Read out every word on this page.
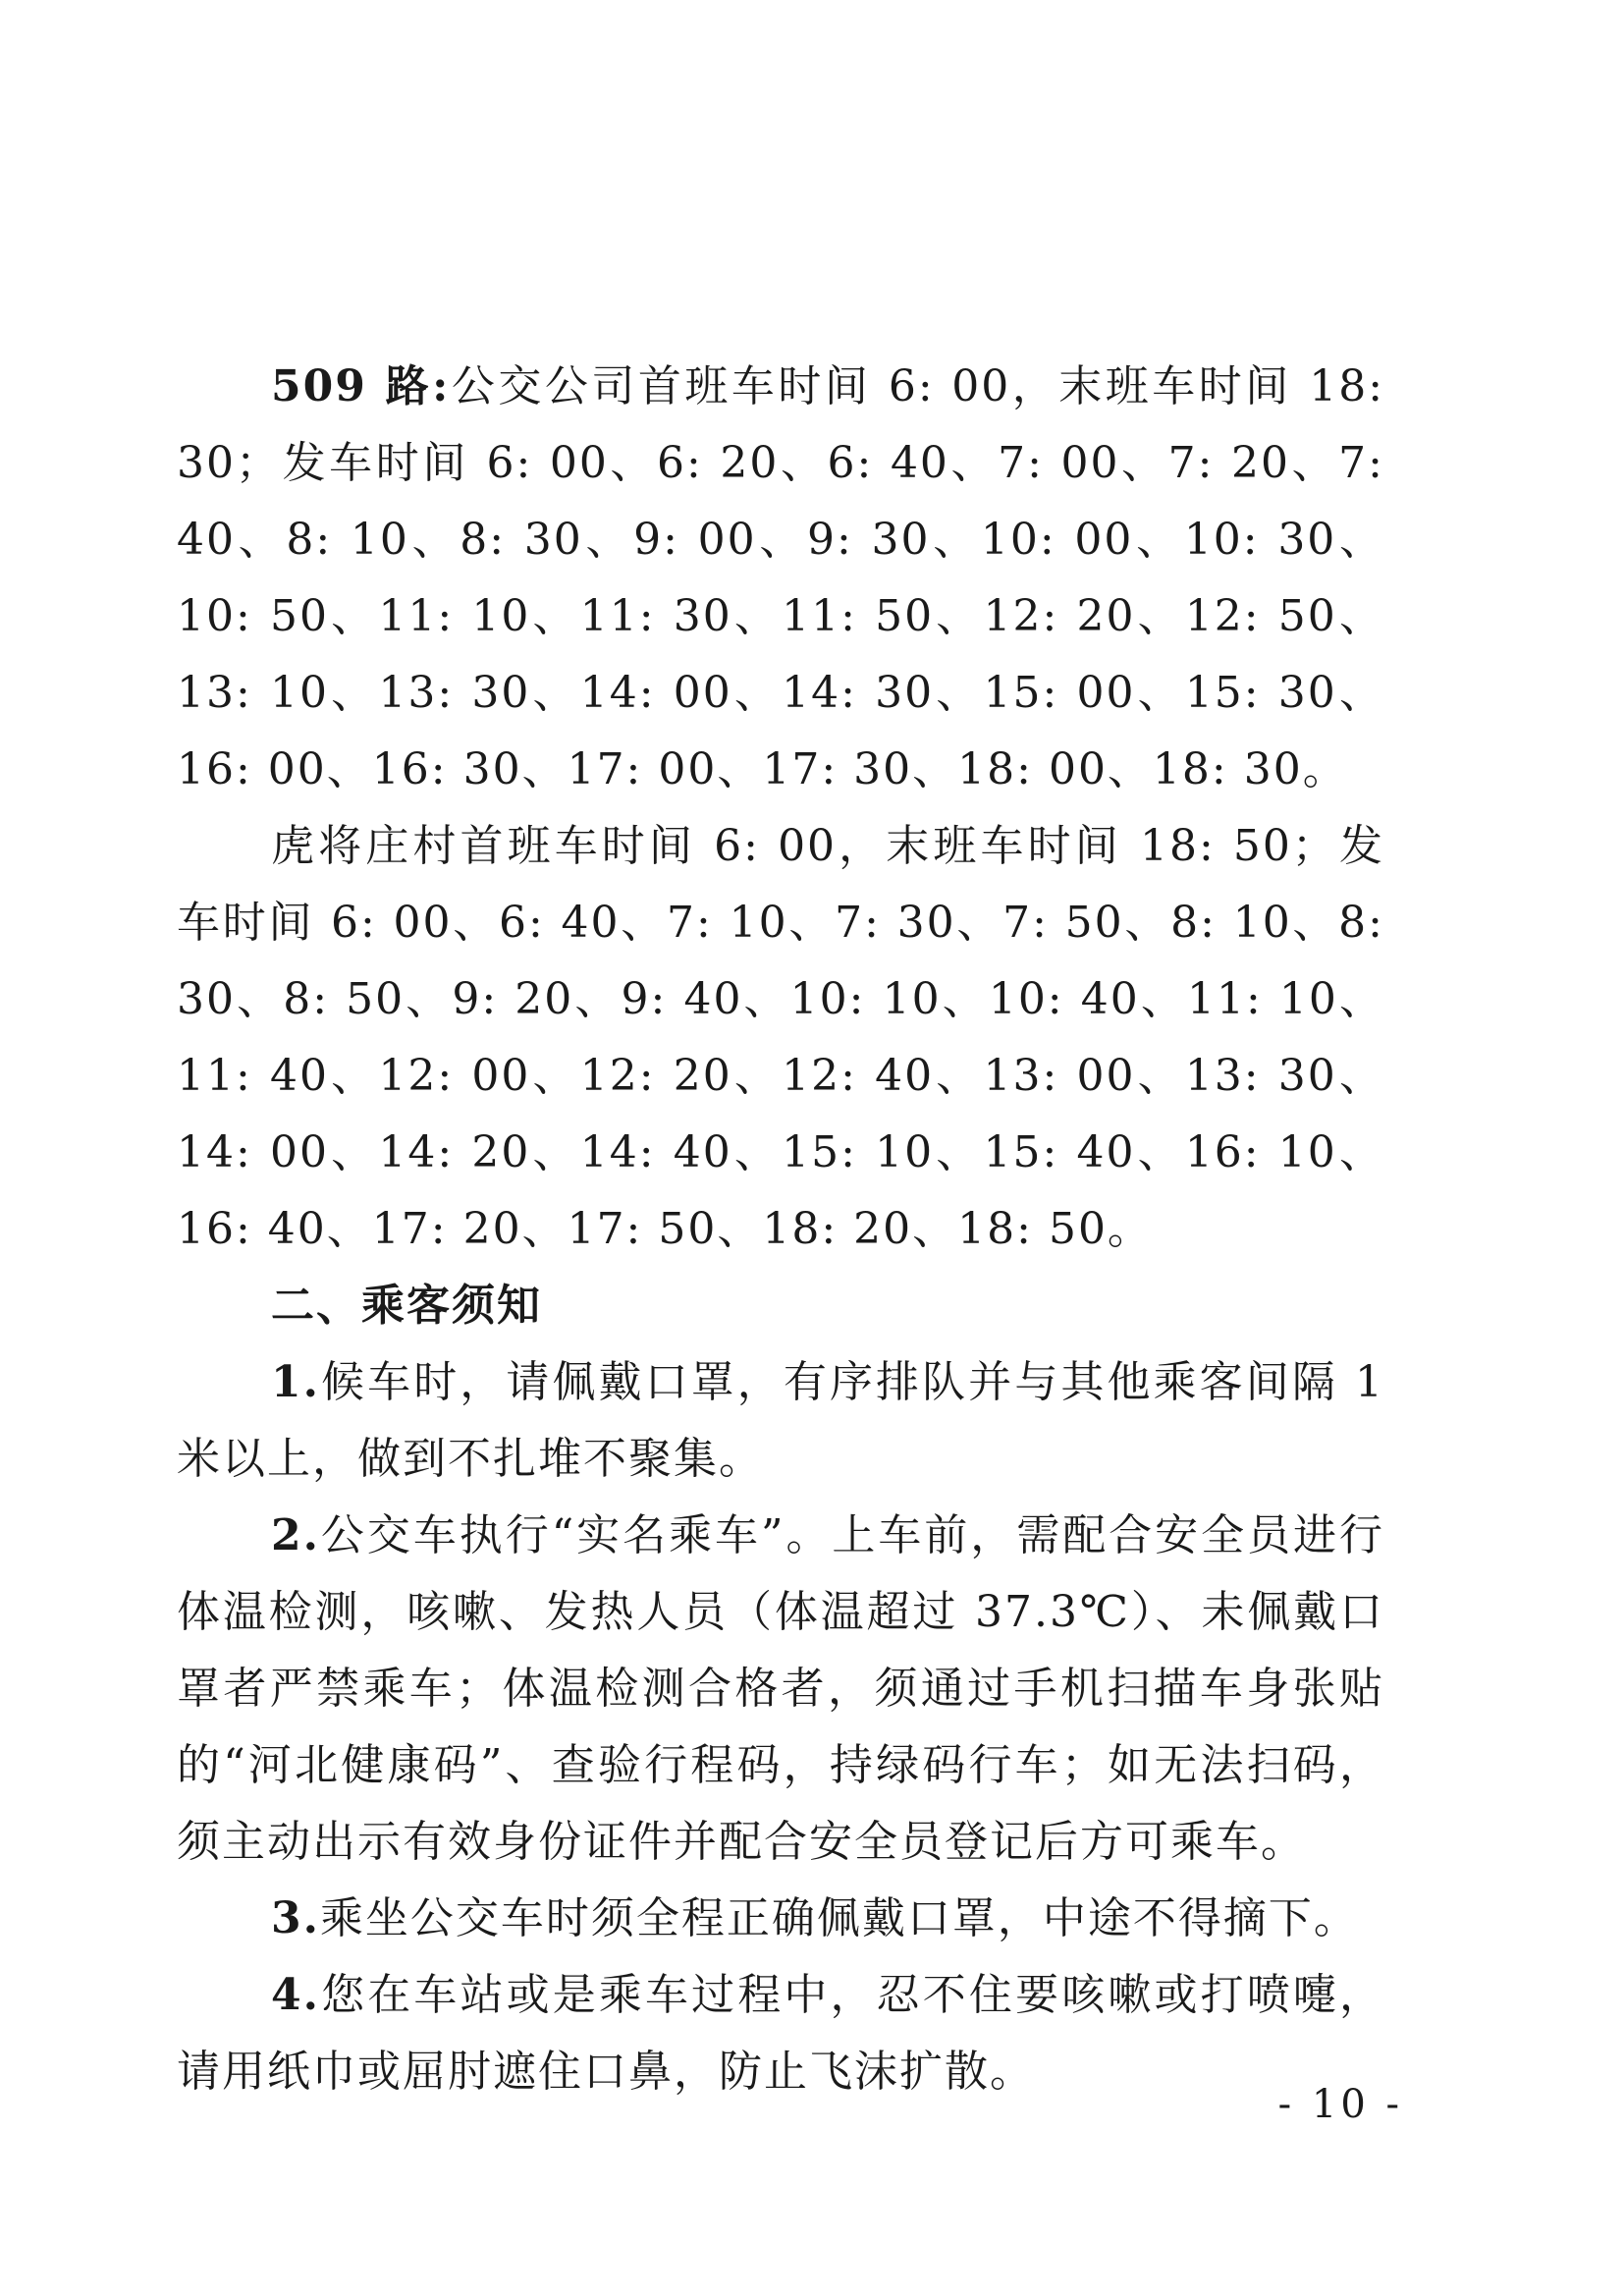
509 路:公交公司首班车时间 6: 00，末班车时间 18: 30；发车时间 6: 00、6: 20、6: 40、7: 00、7: 20、7: 40、8: 10、8: 30、9: 00、9: 30、10: 00、10: 30、10: 50、11: 10、11: 30、11: 50、12: 20、12: 50、13: 10、13: 30、14: 00、14: 30、15: 00、15: 30、16: 00、16: 30、17: 00、17: 30、18: 00、18: 30。

虎将庄村首班车时间 6: 00，末班车时间 18: 50；发车时间 6: 00、6: 40、7: 10、7: 30、7: 50、8: 10、8: 30、8: 50、9: 20、9: 40、10: 10、10: 40、11: 10、11: 40、12: 00、12: 20、12: 40、13: 00、13: 30、14: 00、14: 20、14: 40、15: 10、15: 40、16: 10、16: 40、17: 20、17: 50、18: 20、18: 50。

二、乘客须知

1.候车时，请佩戴口罩，有序排队并与其他乘客间隔 1 米以上，做到不扎堆不聚集。

2.公交车执行“实名乘车”。上车前，需配合安全员进行体温检测，咳嗽、发热人员（体温超过 37.3℃）、未佩戴口罩者严禁乘车；体温检测合格者，须通过手机扫描车身张贴的“河北健康码”、查验行程码，持绿码行车；如无法扫码，须主动出示有效身份证件并配合安全员登记后方可乘车。

3.乘坐公交车时须全程正确佩戴口罩，中途不得摘下。

4.您在车站或是乘车过程中，忍不住要咳嗽或打喷嚏，请用纸巾或屈肘遮住口鼻，防止飞沫扩散。

- 10 -
